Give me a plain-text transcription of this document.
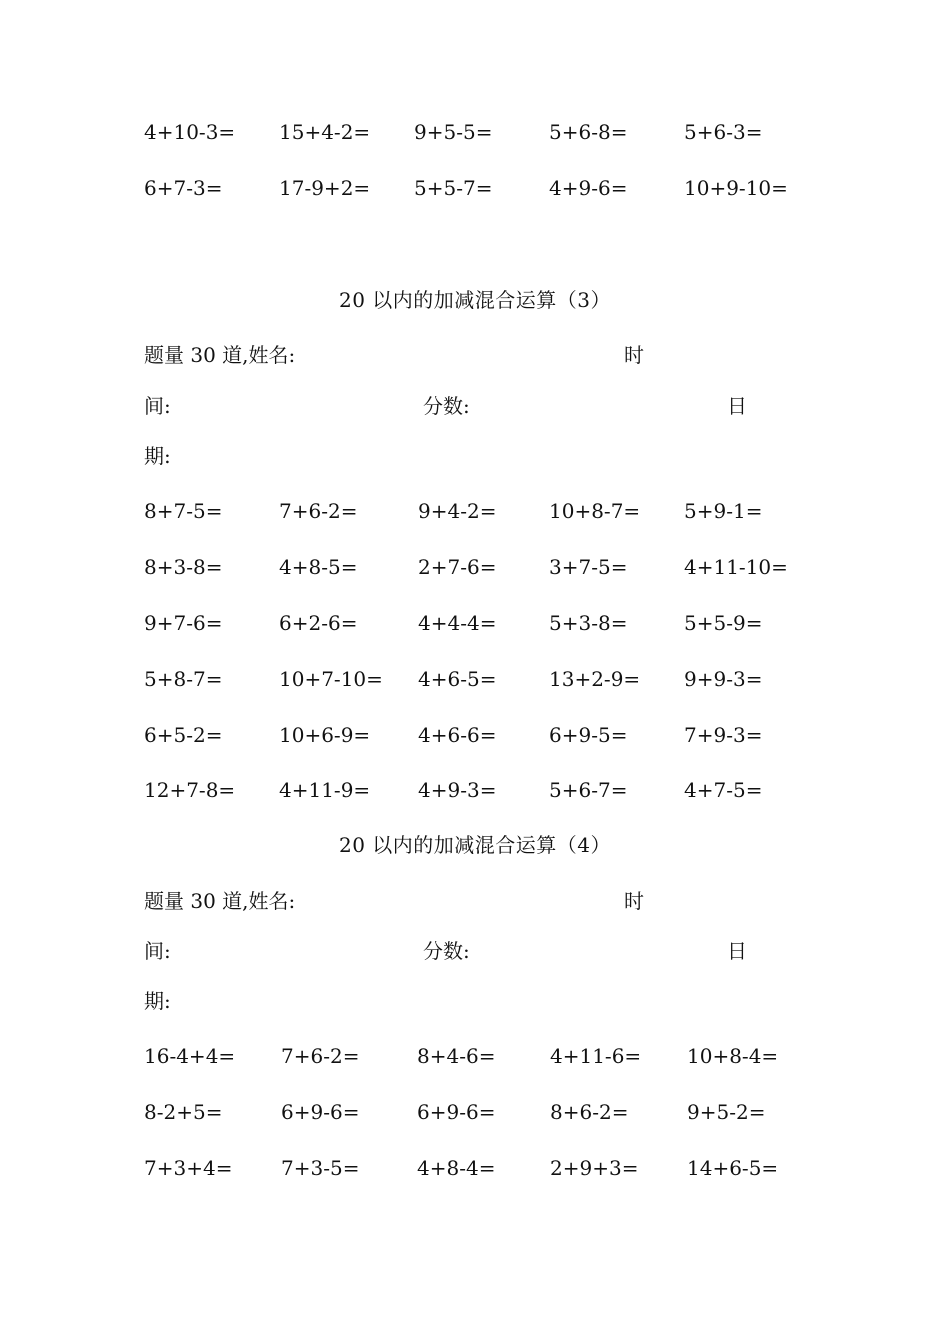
4+10-3= 15+4-2= 9+5-5=	5+6-8=	5+6-3=
6+7-3=	17-9+2= 5+5-7=	4+9-6=	10+9-10=
20 以内的加减混合运算（3）
题量 30 道,姓名:	时
间:	分数:	日
期:
8+7-5=	7+6-2=	9+4-2=	10+8-7= 5+9-1=
8+3-8=	4+8-5=	2+7-6=	3+7-5=	4+11-10=
9+7-6=	6+2-6=	4+4-4=	5+3-8=	5+5-9=
5+8-7=	10+7-10= 4+6-5=	13+2-9= 9+9-3=
6+5-2=	10+6-9= 4+6-6=	6+9-5=	7+9-3=
12+7-8= 4+11-9= 4+9-3=	5+6-7=	4+7-5=
20 以内的加减混合运算（4）
题量 30 道,姓名:	时
间:	分数:	日
期:
16-4+4= 7+6-2=	8+4-6=	4+11-6= 10+8-4=
8-2+5=	6+9-6=	6+9-6=	8+6-2=	9+5-2=
7+3+4= 7+3-5=	4+8-4=	2+9+3= 14+6-5=
